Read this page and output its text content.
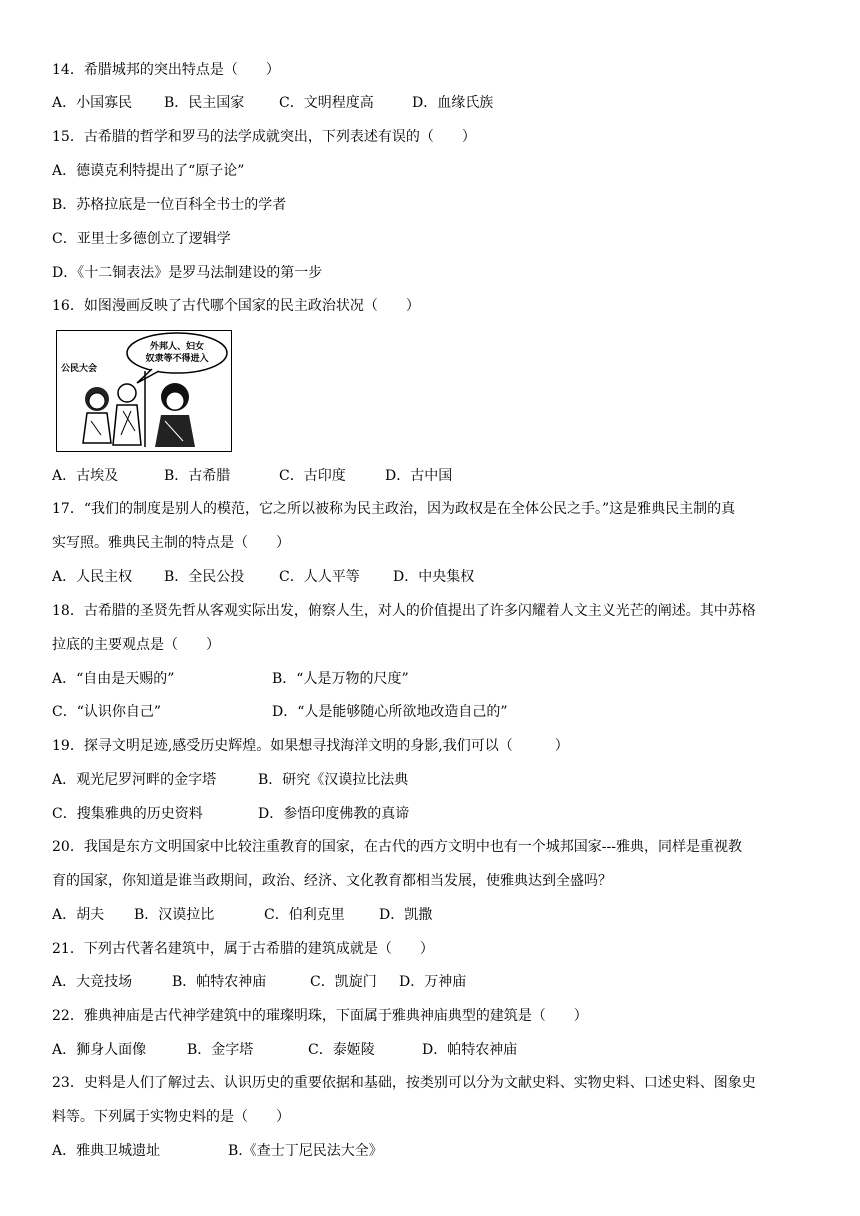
14．希腊城邦的突出特点是（　　）
A．小国寡民 B．民主国家 C．文明程度高	D．血缘氏族
15．古希腊的哲学和罗马的法学成就突出，下列表述有误的（　　）
A．德谟克利特提出了“原子论”
B．苏格拉底是一位百科全书士的学者
C．亚里士多德创立了逻辑学
D．《十二铜表法》是罗马法制建设的第一步
16．如图漫画反映了古代哪个国家的民主政治状况（　　）
外邦人、妇女
奴隶等不得进入
公民大会
A．古埃及	B．古希腊	C．古印度	D．古中国
17．“我们的制度是别人的模范，它之所以被称为民主政治，因为政权是在全体公民之手。”这是雅典民主制的真
实写照。雅典民主制的特点是（　　）
A．人民主权 B．全民公投 C．人人平等 D．中央集权
18．古希腊的圣贤先哲从客观实际出发，俯察人生，对人的价值提出了许多闪耀着人文主义光芒的阐述。其中苏格
拉底的主要观点是（　　）
A．“自由是天赐的”	B．“人是万物的尺度”
C．“认识你自己”	D．“人是能够随心所欲地改造自己的”
19．探寻文明足迹,感受历史辉煌。如果想寻找海洋文明的身影,我们可以（　　　）
A．观光尼罗河畔的金字塔	B．研究《汉谟拉比法典
C．搜集雅典的历史资料	D．参悟印度佛教的真谛
20．我国是东方文明国家中比较注重教育的国家，在古代的西方文明中也有一个城邦国家---雅典，同样是重视教
育的国家，你知道是谁当政期间，政治、经济、文化教育都相当发展，使雅典达到全盛吗？
A．胡夫 B．汉谟拉比	C．伯利克里 D．凯撒
21．下列古代著名建筑中，属于古希腊的建筑成就是（　　）
A．大竞技场	B．帕特农神庙	C．凯旋门 D．万神庙
22．雅典神庙是古代神学建筑中的璀璨明珠，下面属于雅典神庙典型的建筑是（　　）
A．狮身人面像	B．金字塔	C．泰姬陵	D．帕特农神庙
23．史料是人们了解过去、认识历史的重要依据和基础，按类别可以分为文献史料、实物史料、口述史料、图象史
料等。下列属于实物史料的是（　　）
A．雅典卫城遗址	B.《查士丁尼民法大全》
